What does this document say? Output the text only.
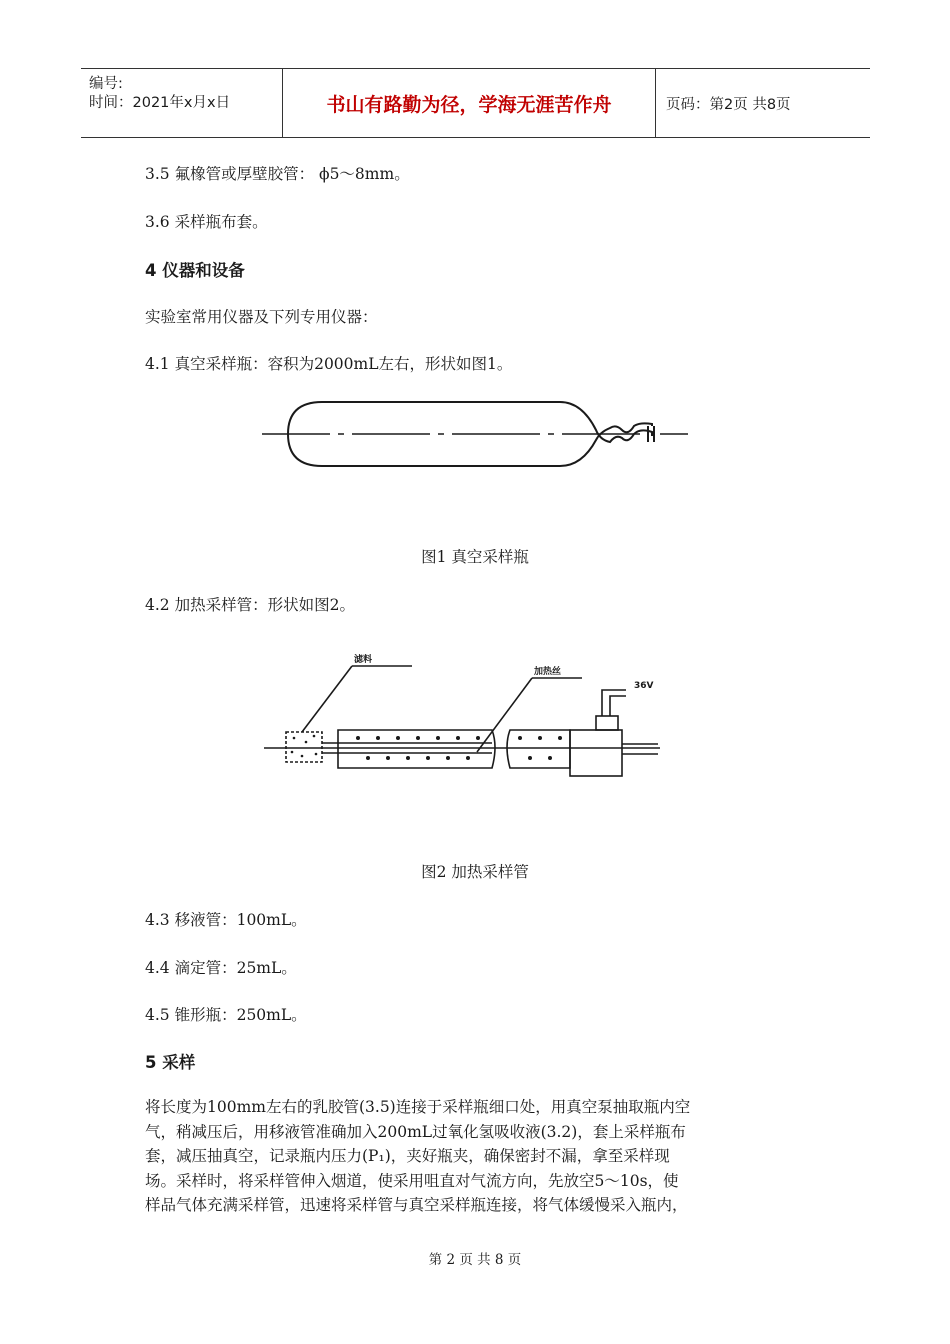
编号:
时间：2021年x月x日	书山有路勤为径，学海无涯苦作舟	页码：第2页 共8页
3.5 氟橡管或厚壁胶管： ϕ5～8mm。
3.6 采样瓶布套。
4 仪器和设备
实验室常用仪器及下列专用仪器：
4.1 真空采样瓶：容积为2000mL左右，形状如图1。
图1 真空采样瓶
4.2 加热采样管：形状如图2。
滤料
加热丝
36V
图2 加热采样管
4.3 移液管：100mL。
4.4 滴定管：25mL。
4.5 锥形瓶：250mL。
5 采样
将长度为100mm左右的乳胶管(3.5)连接于采样瓶细口处，用真空泵抽取瓶内空
气，稍减压后，用移液管准确加入200mL过氧化氢吸收液(3.2)，套上采样瓶布
套，减压抽真空，记录瓶内压力(P₁)，夹好瓶夹，确保密封不漏，拿至采样现
场。采样时，将采样管伸入烟道，使采用咀直对气流方向，先放空5～10s，使
样品气体充满采样管，迅速将采样管与真空采样瓶连接，将气体缓慢采入瓶内，
第 2 页 共 8 页
